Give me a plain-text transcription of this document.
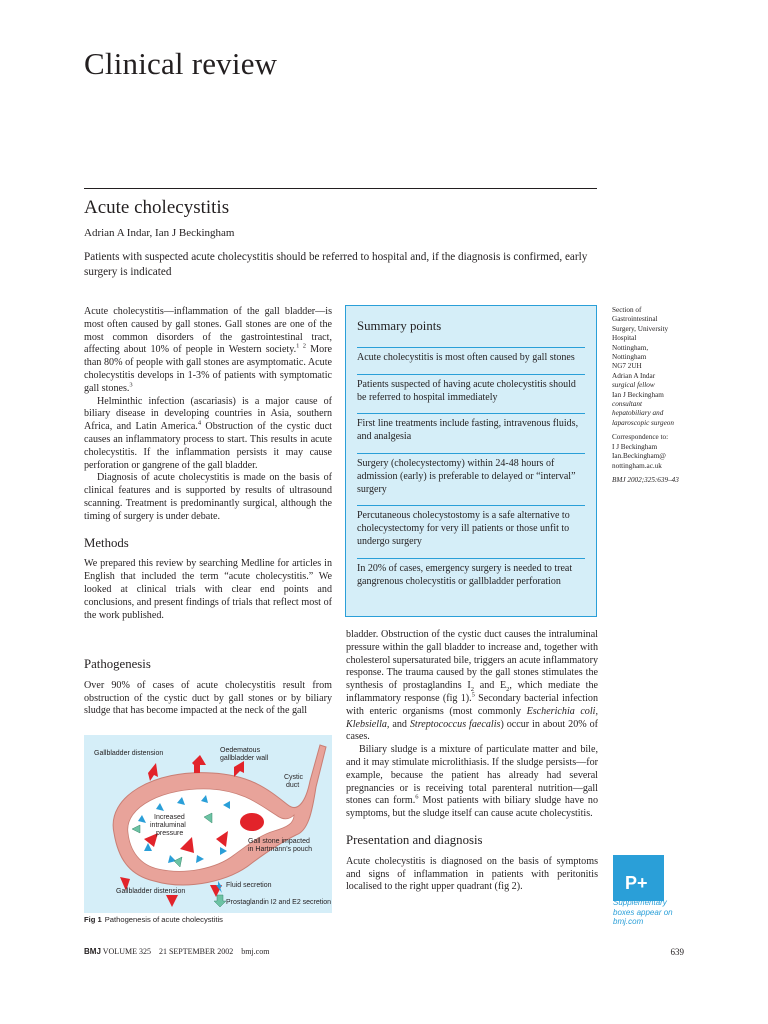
Clinical review
Acute cholecystitis
Adrian A Indar, Ian J Beckingham
Patients with suspected acute cholecystitis should be referred to hospital and, if the diagnosis is confirmed, early surgery is indicated

Acute cholecystitis—inflammation of the gall bladder—is most often caused by gall stones. Gall stones are one of the most common disorders of the gastrointestinal tract, affecting about 10% of people in Western society.$^{1 2}$ More than 80% of people with gall stones are asymptomatic. Acute cholecystitis develops in 1-3% of patients with symptomatic gall stones.$^3$

Helminthic infection (ascariasis) is a major cause of biliary disease in developing countries in Asia, southern Africa, and Latin America.$^4$ Obstruction of the cystic duct causes an inflammatory process to start. This results in acute cholecystitis. If the inflammation persists it may cause perforation or gangrene of the gall bladder.

Diagnosis of acute cholecystitis is made on the basis of clinical features and is supported by results of ultrasound scanning. Treatment is predominantly surgical, although the timing of surgery is under debate.

Methods

We prepared this review by searching Medline for articles in English that included the term “acute cholecystitis.” We looked at clinical trials with clear end points and conclusions, and present findings of trials that reflect most of the work published.

Pathogenesis

Over 90% of cases of acute cholecystitis result from obstruction of the cystic duct by gall stones or by biliary sludge that has become impacted at the neck of the gall

Summary points
Acute cholecystitis is most often caused by gall stones
Patients suspected of having acute cholecystitis should be referred to hospital immediately
First line treatments include fasting, intravenous fluids, and analgesia
Surgery (cholecystectomy) within 24-48 hours of admission (early) is preferable to delayed or “interval” surgery
Percutaneous cholecystostomy is a safe alternative to cholecystectomy for very ill patients or those unfit to undergo surgery
In 20% of cases, emergency surgery is needed to treat gangrenous cholecystitis or gallbladder perforation

bladder. Obstruction of the cystic duct causes the intraluminal pressure within the gall bladder to increase and, together with cholesterol supersaturated bile, triggers an acute inflammatory response. The trauma caused by the gall stones stimulates the synthesis of prostaglandins $I_2$ and $E_2$, which mediate the inflammatory response (fig 1).$^5$ Secondary bacterial infection with enteric organisms (most commonly Escherichia coli, Klebsiella, and Streptococcus faecalis) occur in about 20% of cases.

Biliary sludge is a mixture of particulate matter and bile, and it may stimulate microlithiasis. If the sludge persists—for example, because the patient has already had several pregnancies or is receiving total parenteral nutrition—gall stones can form.$^6$ Most patients with biliary sludge have no symptoms, but the sludge itself can cause acute cholecystitis.

Presentation and diagnosis

Acute cholecystitis is diagnosed on the basis of symptoms and signs of inflammation in patients with peritonitis localised to the right upper quadrant (fig 2).

Section of
Gastrointestinal
Surgery, University
Hospital
Nottingham,
Nottingham
NG7 2UH
Adrian A Indar
surgical fellow
Ian J Beckingham
consultant
hepatobiliary and
laparoscopic surgeon
Correspondence to:
I J Beckingham
Ian.Beckingham@
nottingham.ac.uk
BMJ 2002;325:639–43
Gallbladder distension	Oedematous
gallbladder wall
Cystic
duct
Increased
intraluminal
pressure
Gall stone impacted
in Hartmann’s pouch
Gallbladder distension
Fluid secretion
Prostaglandin I2 and E2 secretion
Fig 1 Pathogenesis of acute cholecystitis
P+
Supplementary
boxes appear on
bmj.com
BMJ VOLUME 325    21 SEPTEMBER 2002    bmj.com	639
